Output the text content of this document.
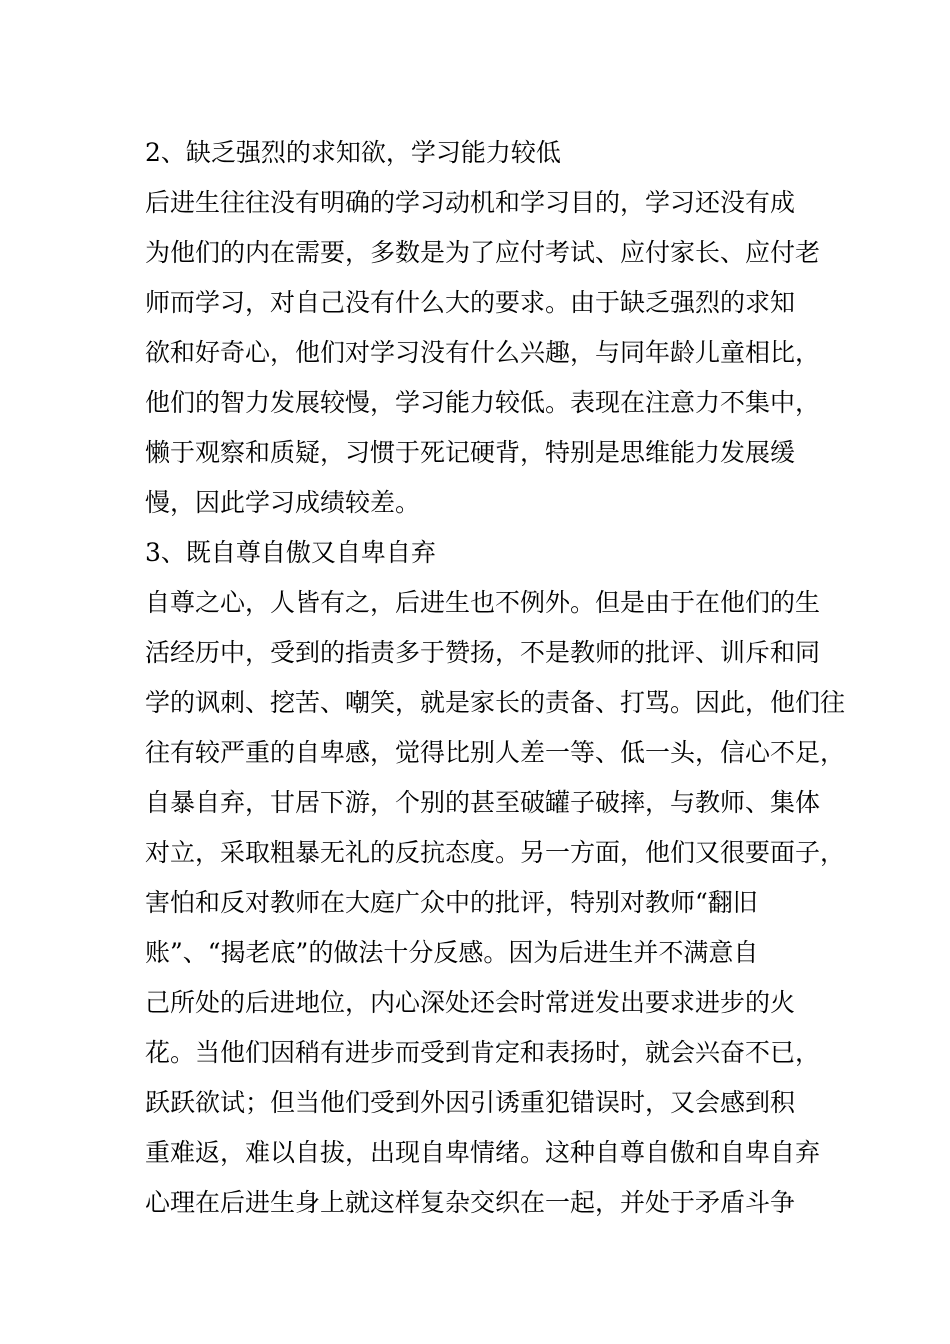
2、缺乏强烈的求知欲，学习能力较低
后进生往往没有明确的学习动机和学习目的，学习还没有成
为他们的内在需要，多数是为了应付考试、应付家长、应付老
师而学习，对自己没有什么大的要求。由于缺乏强烈的求知
欲和好奇心，他们对学习没有什么兴趣，与同年龄儿童相比，
他们的智力发展较慢，学习能力较低。表现在注意力不集中，
懒于观察和质疑，习惯于死记硬背，特别是思维能力发展缓
慢，因此学习成绩较差。
3、既自尊自傲又自卑自弃
自尊之心，人皆有之，后进生也不例外。但是由于在他们的生
活经历中，受到的指责多于赞扬，不是教师的批评、训斥和同
学的讽刺、挖苦、嘲笑，就是家长的责备、打骂。因此，他们往
往有较严重的自卑感，觉得比别人差一等、低一头，信心不足，
自暴自弃，甘居下游，个别的甚至破罐子破摔，与教师、集体
对立，采取粗暴无礼的反抗态度。另一方面，他们又很要面子，
害怕和反对教师在大庭广众中的批评，特别对教师“翻旧
账”、“揭老底”的做法十分反感。因为后进生并不满意自
己所处的后进地位，内心深处还会时常迸发出要求进步的火
花。当他们因稍有进步而受到肯定和表扬时，就会兴奋不已，
跃跃欲试；但当他们受到外因引诱重犯错误时，又会感到积
重难返，难以自拔，出现自卑情绪。这种自尊自傲和自卑自弃
心理在后进生身上就这样复杂交织在一起，并处于矛盾斗争
